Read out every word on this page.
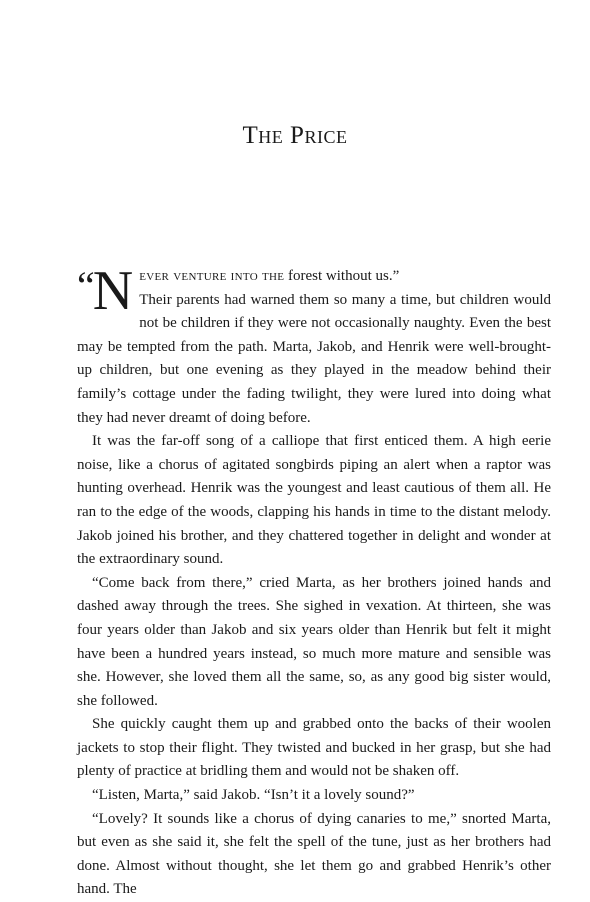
The Price

“N ever venture into the forest without us.”

Their parents had warned them so many a time, but children would not be children if they were not occasionally naughty. Even the best may be tempted from the path. Marta, Jakob, and Henrik were well-brought-up children, but one evening as they played in the meadow behind their family’s cottage under the fading twilight, they were lured into doing what they had never dreamt of doing before.

It was the far-off song of a calliope that first enticed them. A high eerie noise, like a chorus of agitated songbirds piping an alert when a raptor was hunting overhead. Henrik was the youngest and least cautious of them all. He ran to the edge of the woods, clapping his hands in time to the distant melody. Jakob joined his brother, and they chattered together in delight and wonder at the extraordinary sound.

“Come back from there,” cried Marta, as her brothers joined hands and dashed away through the trees. She sighed in vexation. At thirteen, she was four years older than Jakob and six years older than Henrik but felt it might have been a hundred years instead, so much more mature and sensible was she. However, she loved them all the same, so, as any good big sister would, she followed.

She quickly caught them up and grabbed onto the backs of their woolen jackets to stop their flight. They twisted and bucked in her grasp, but she had plenty of practice at bridling them and would not be shaken off.

“Listen, Marta,” said Jakob. “Isn’t it a lovely sound?”

“Lovely? It sounds like a chorus of dying canaries to me,” snorted Marta, but even as she said it, she felt the spell of the tune, just as her brothers had done. Almost without thought, she let them go and grabbed Henrik’s other hand. The
